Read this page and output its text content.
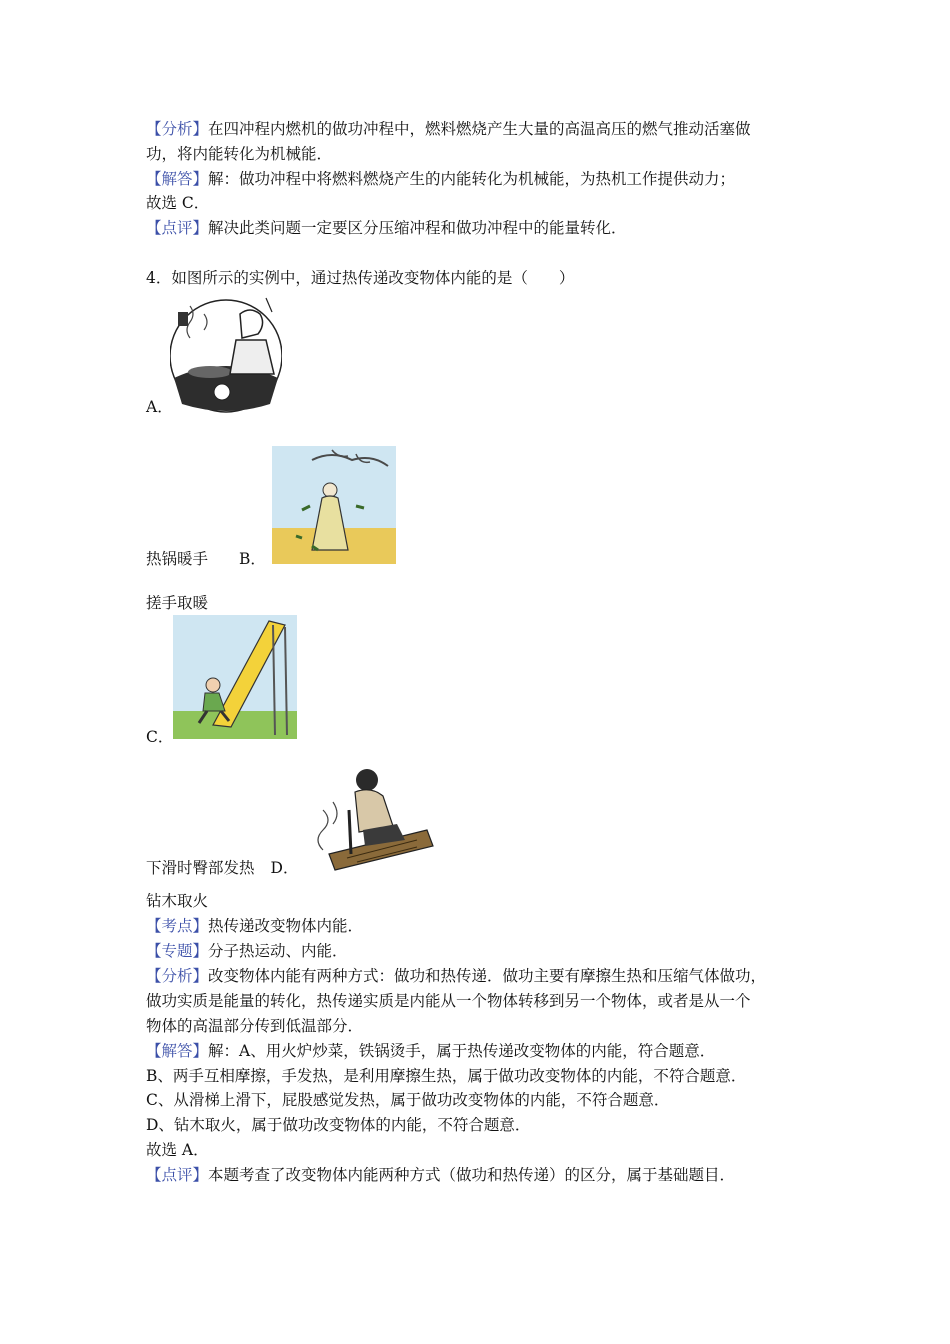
【分析】在四冲程内燃机的做功冲程中，燃料燃烧产生大量的高温高压的燃气推动活塞做
功，将内能转化为机械能．
【解答】解：做功冲程中将燃料燃烧产生的内能转化为机械能，为热机工作提供动力；
故选 C．
【点评】解决此类问题一定要区分压缩冲程和做功冲程中的能量转化．
4．如图所示的实例中，通过热传递改变物体内能的是（　　）
A．
热锅暖手 B．
搓手取暖
C．
下滑时臀部发热 D．
钻木取火
【考点】热传递改变物体内能．
【专题】分子热运动、内能．
【分析】改变物体内能有两种方式：做功和热传递．做功主要有摩擦生热和压缩气体做功，
做功实质是能量的转化，热传递实质是内能从一个物体转移到另一个物体，或者是从一个
物体的高温部分传到低温部分．
【解答】解：A、用火炉炒菜，铁锅烫手，属于热传递改变物体的内能，符合题意．
B、两手互相摩擦，手发热，是利用摩擦生热，属于做功改变物体的内能，不符合题意．
C、从滑梯上滑下，屁股感觉发热，属于做功改变物体的内能，不符合题意．
D、钻木取火，属于做功改变物体的内能，不符合题意．
故选 A．
【点评】本题考查了改变物体内能两种方式（做功和热传递）的区分，属于基础题目．
